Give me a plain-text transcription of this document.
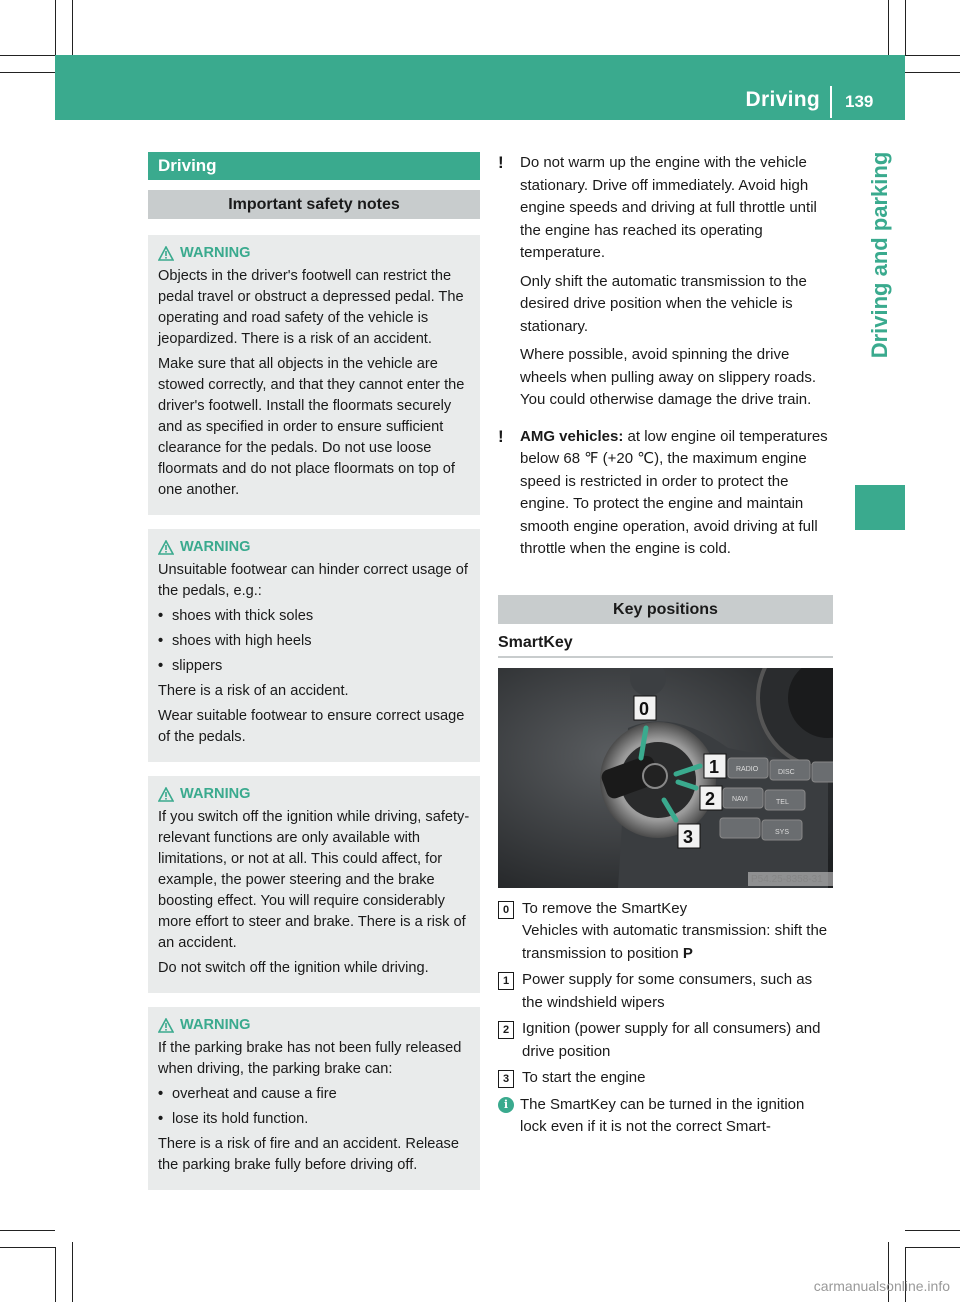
Driving 139
Driving and parking
Driving
Important safety notes
WARNING

Objects in the driver's footwell can restrict the pedal travel or obstruct a depressed pedal. The operating and road safety of the vehicle is jeopardized. There is a risk of an accident.

Make sure that all objects in the vehicle are stowed correctly, and that they cannot enter the driver's footwell. Install the floormats securely and as specified in order to ensure sufficient clearance for the pedals. Do not use loose floormats and do not place floormats on top of one another.

WARNING

Unsuitable footwear can hinder correct usage of the pedals, e.g.:

• shoes with thick soles
• shoes with high heels
• slippers

There is a risk of an accident.

Wear suitable footwear to ensure correct usage of the pedals.

WARNING

If you switch off the ignition while driving, safety-relevant functions are only available with limitations, or not at all. This could affect, for example, the power steering and the brake boosting effect. You will require considerably more effort to steer and brake. There is a risk of an accident.

Do not switch off the ignition while driving.

WARNING

If the parking brake has not been fully released when driving, the parking brake can:

• overheat and cause a fire
• lose its hold function.

There is a risk of fire and an accident. Release the parking brake fully before driving off.

!	Do not warm up the engine with the vehicle stationary. Drive off immediately. Avoid high engine speeds and driving at full throttle until the engine has reached its operating temperature.

Only shift the automatic transmission to the desired drive position when the vehicle is stationary.

Where possible, avoid spinning the drive wheels when pulling away on slippery roads. You could otherwise damage the drive train.

!	AMG vehicles: at low engine oil temperatures below 68 ℉ (+20 ℃), the maximum engine speed is restricted in order to protect the engine. To protect the engine and maintain smooth engine operation, avoid driving at full throttle when the engine is cold.

Key positions
SmartKey
RADIO	DISC
NAVI	TEL
SYS
0
1
2
3
0 To remove the SmartKey

Vehicles with automatic transmission: shift the transmission to position P

1 Power supply for some consumers, such as the windshield wipers

2 Ignition (power supply for all consumers) and drive position

3 To start the engine

i The SmartKey can be turned in the ignition lock even if it is not the correct Smart-
carmanualsonline.info
